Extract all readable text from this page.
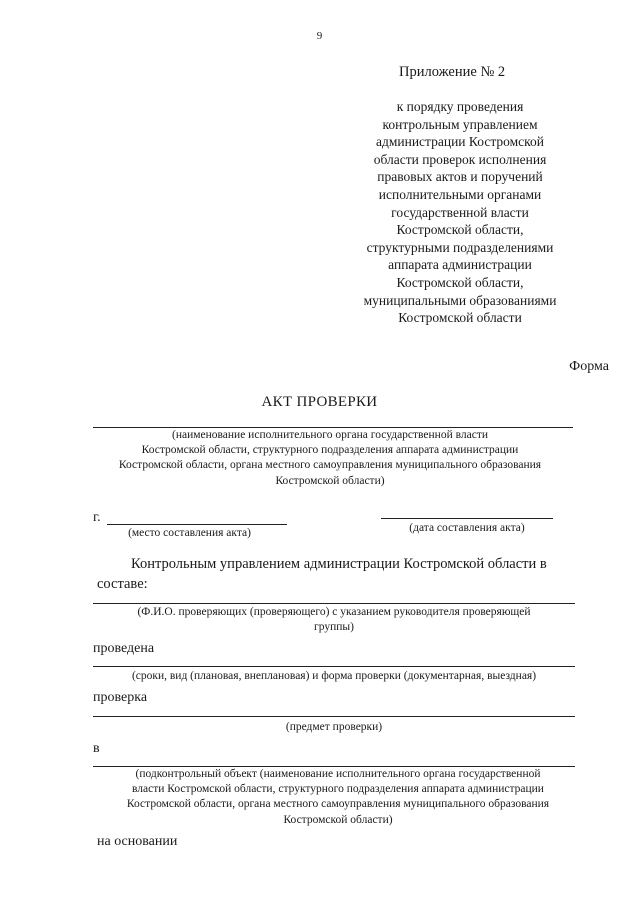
9
Приложение № 2
к порядку проведения
контрольным управлением
администрации Костромской
области проверок исполнения
правовых актов и поручений
исполнительными органами
государственной власти
Костромской области,
структурными подразделениями
аппарата администрации
Костромской области,
муниципальными образованиями
Костромской области
Форма
АКТ ПРОВЕРКИ
(наименование исполнительного органа государственной власти
Костромской области, структурного подразделения аппарата администрации
Костромской области, органа местного самоуправления муниципального образования
Костромской области)
г.
(место составления акта)	(дата составления акта)
Контрольным управлением администрации Костромской области в
составе:
(Ф.И.О. проверяющих (проверяющего) с указанием руководителя проверяющей
группы)
проведена
(сроки, вид (плановая, внеплановая) и форма проверки (документарная, выездная)
проверка
(предмет проверки)
в
(подконтрольный объект (наименование исполнительного органа государственной
власти Костромской области, структурного подразделения аппарата администрации
Костромской области, органа местного самоуправления муниципального образования
Костромской области)
на основании
